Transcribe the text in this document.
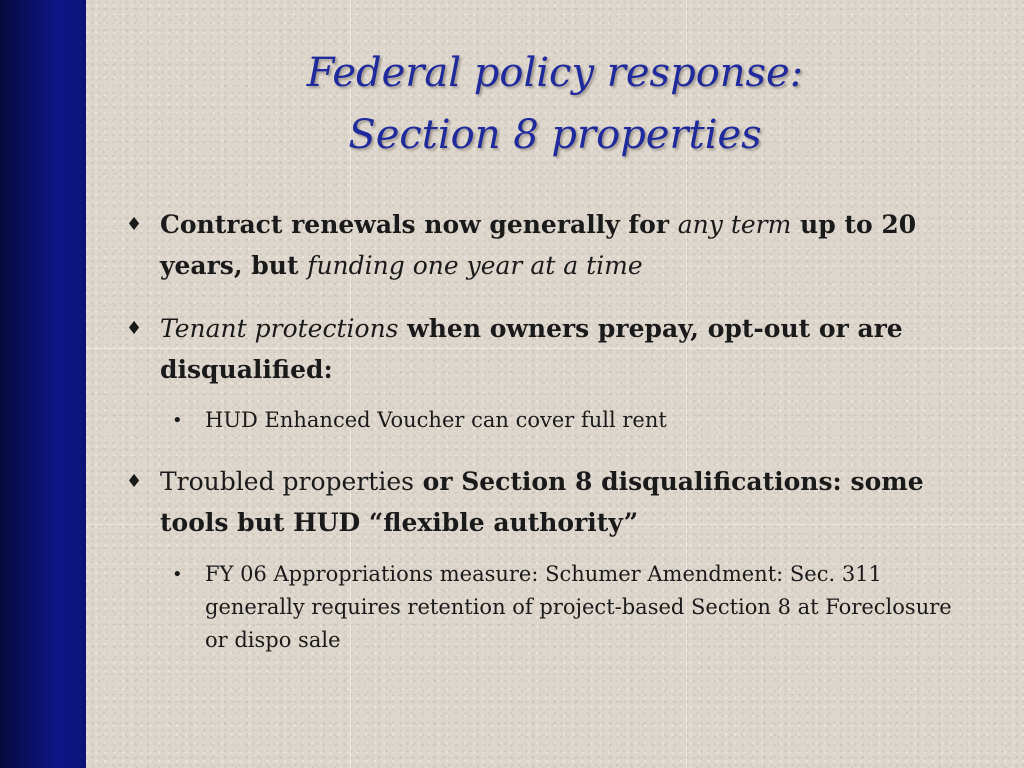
Federal policy response:
Section 8 properties

♦ Contract renewals now generally for any term up to 20 years, but funding one year at a time

♦ Tenant protections when owners prepay, opt-out or are disqualified:

• HUD Enhanced Voucher can cover full rent

♦ Troubled properties or Section 8 disqualifications: some tools but HUD “flexible authority”

• FY 06 Appropriations measure: Schumer Amendment: Sec. 311 generally requires retention of project-based Section 8 at Foreclosure or dispo sale
